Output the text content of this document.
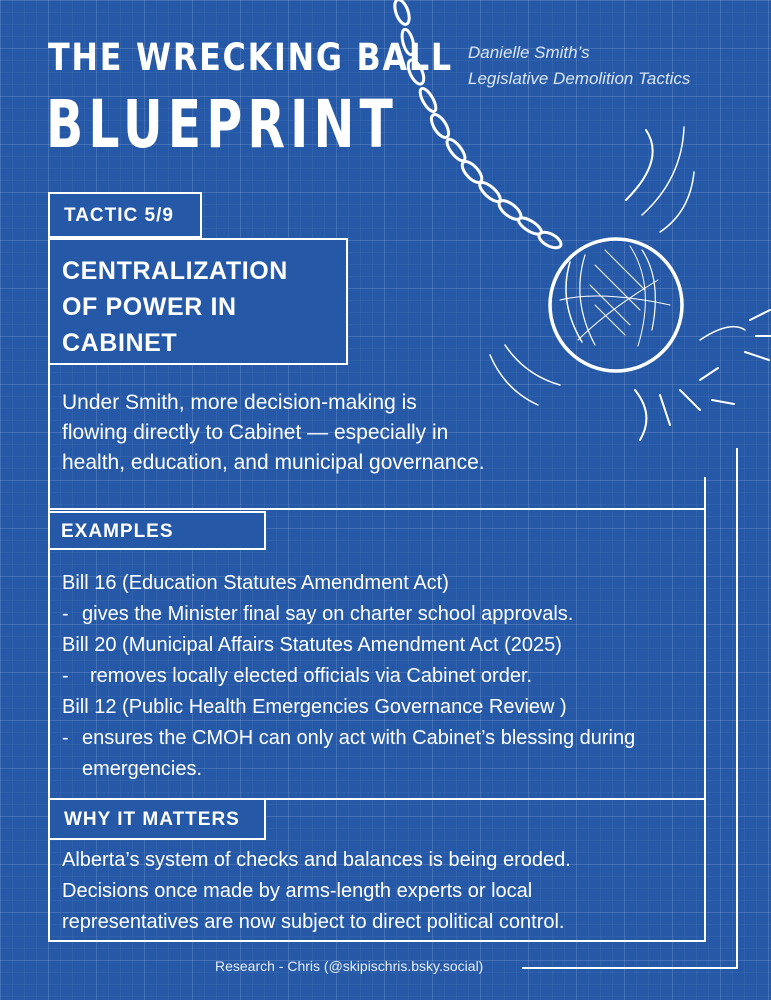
THE WRECKING BALL
BLUEPRINT
Danielle Smith’s
Legislative Demolition Tactics
TACTIC 5/9
CENTRALIZATION
OF POWER IN
CABINET
Under Smith, more decision-making is
flowing directly to Cabinet — especially in
health, education, and municipal governance.
EXAMPLES
Bill 16 (Education Statutes Amendment Act)
- gives the Minister final say on charter school approvals.
Bill 20 (Municipal Affairs Statutes Amendment Act (2025)
-	removes locally elected officials via Cabinet order.
Bill 12 (Public Health Emergencies Governance Review )
- ensures the CMOH can only act with Cabinet’s blessing during emergencies.
WHY IT MATTERS
Alberta’s system of checks and balances is being eroded.
Decisions once made by arms-length experts or local
representatives are now subject to direct political control.
Research - Chris (@skipischris.bsky.social)
